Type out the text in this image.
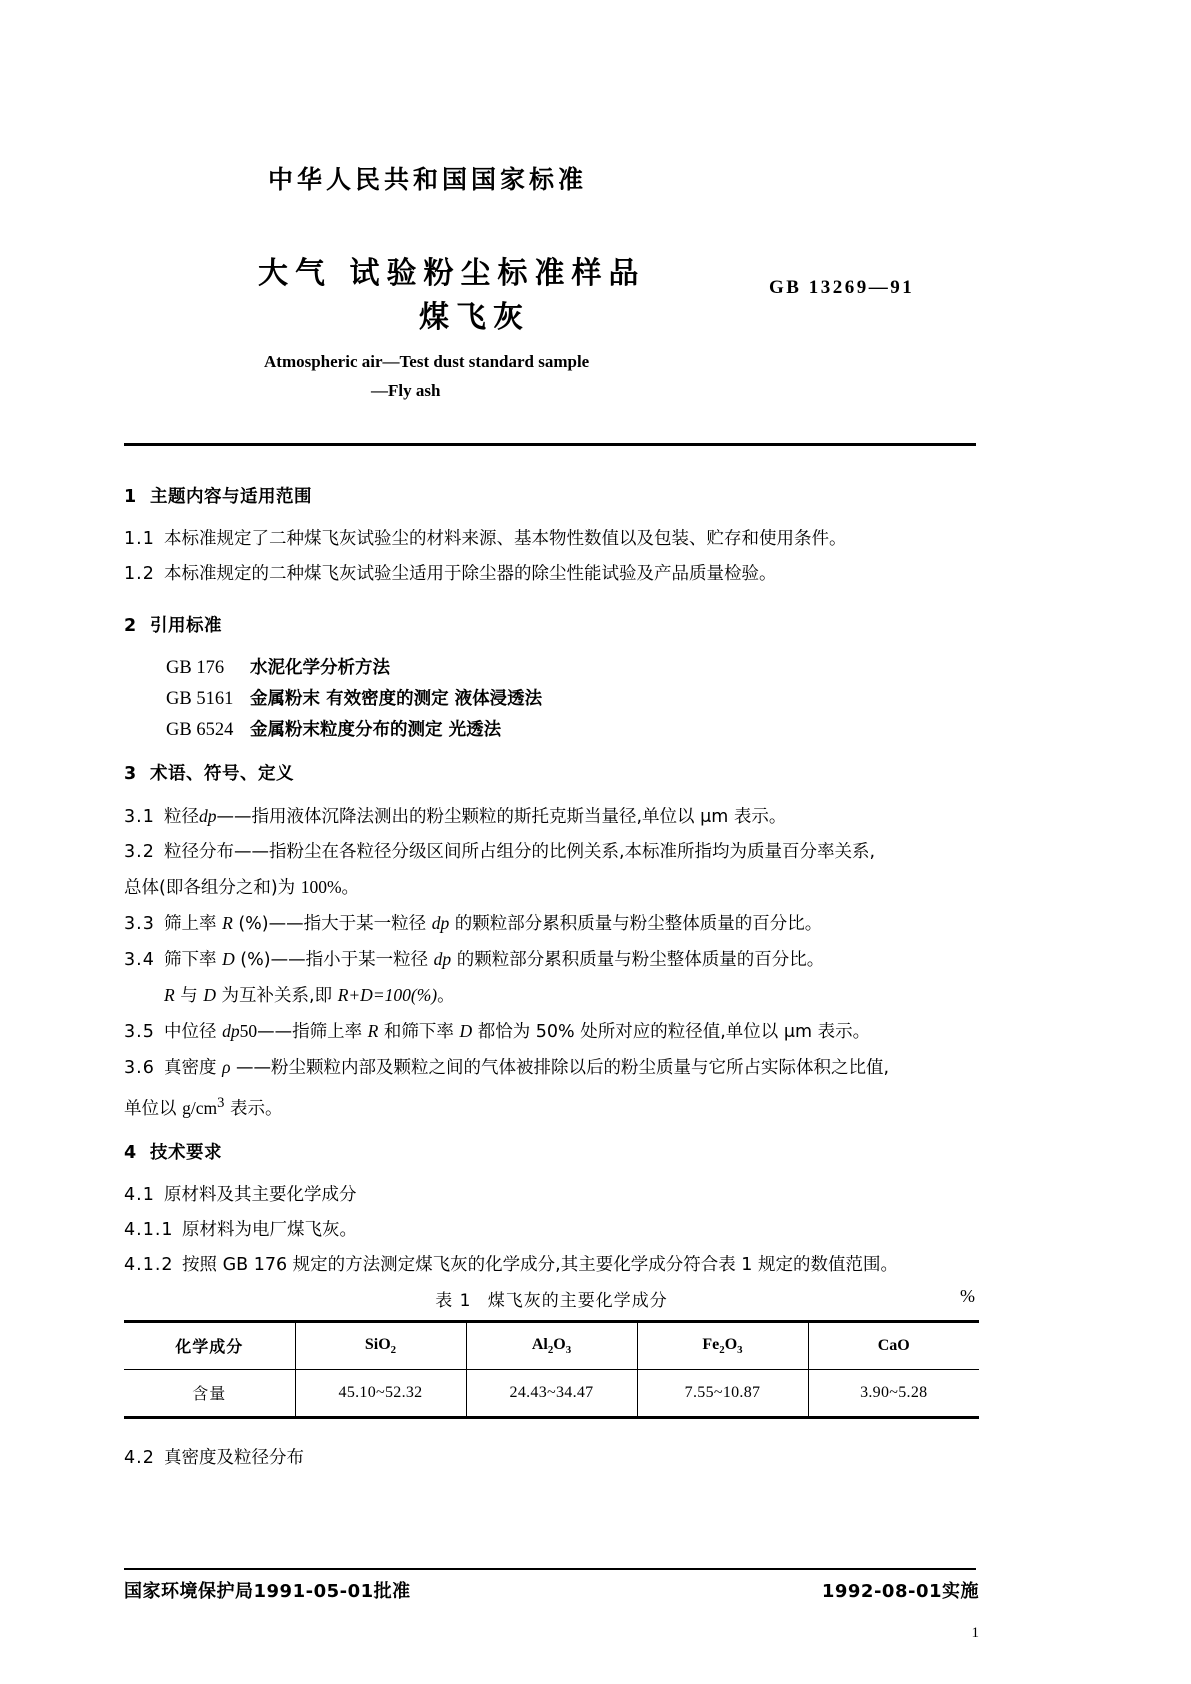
中华人民共和国国家标准
大气 试验粉尘标准样品
煤飞灰
GB 13269—91
Atmospheric air—Test dust standard sample
—Fly ash
1 主题内容与适用范围
1.1 本标准规定了二种煤飞灰试验尘的材料来源、基本物性数值以及包装、贮存和使用条件。
1.2 本标准规定的二种煤飞灰试验尘适用于除尘器的除尘性能试验及产品质量检验。
2 引用标准
GB 176 水泥化学分析方法
GB 5161 金属粉末 有效密度的测定 液体浸透法
GB 6524 金属粉末粒度分布的测定 光透法
3 术语、符号、定义
3.1 粒径dp——指用液体沉降法测出的粉尘颗粒的斯托克斯当量径,单位以 μm 表示。
3.2 粒径分布——指粉尘在各粒径分级区间所占组分的比例关系,本标准所指均为质量百分率关系,
总体(即各组分之和)为 100%。
3.3 筛上率 R (%)——指大于某一粒径 dp 的颗粒部分累积质量与粉尘整体质量的百分比。
3.4 筛下率 D (%)——指小于某一粒径 dp 的颗粒部分累积质量与粉尘整体质量的百分比。
R 与 D 为互补关系,即 R+D=100(%)。
3.5 中位径 dp50——指筛上率 R 和筛下率 D 都恰为 50% 处所对应的粒径值,单位以 μm 表示。
3.6 真密度 ρ ——粉尘颗粒内部及颗粒之间的气体被排除以后的粉尘质量与它所占实际体积之比值,
单位以 $g/cm^3$ 表示。
4 技术要求
4.1 原材料及其主要化学成分
4.1.1 原材料为电厂煤飞灰。
4.1.2 按照 GB 176 规定的方法测定煤飞灰的化学成分,其主要化学成分符合表 1 规定的数值范围。
表 1 煤飞灰的主要化学成分	%
化学成分	SiO$_2$	$Al_2O_3$	$Fe_2O_3$	CaO
含量	45.10~52.32	24.43~34.47	7.55~10.87	3.90~5.28
4.2 真密度及粒径分布
国家环境保护局1991-05-01批准	1992-08-01实施
1
